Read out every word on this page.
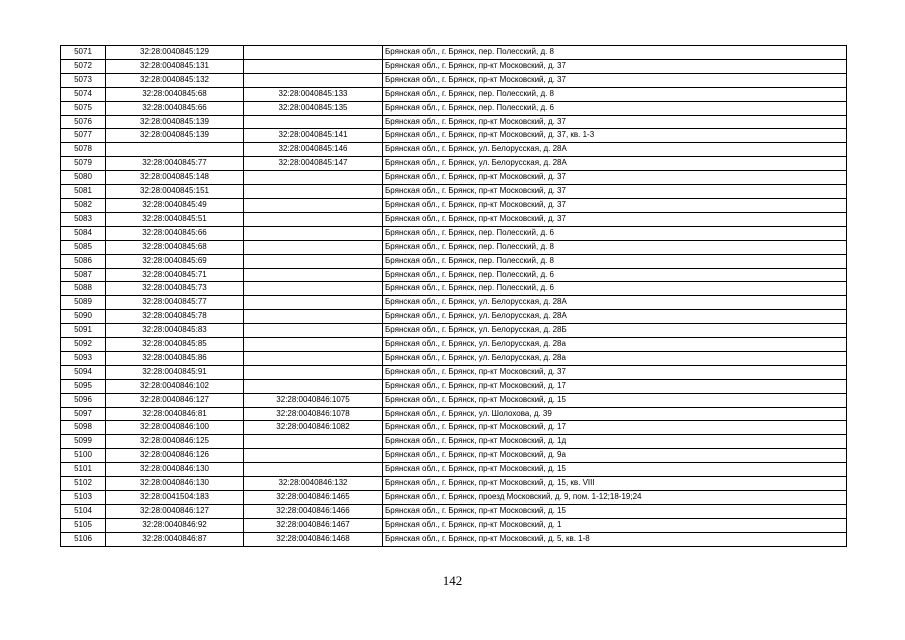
5071	32:28:0040845:129		Брянская обл., г. Брянск, пер. Полесский, д. 8
5072	32:28:0040845:131		Брянская обл., г. Брянск, пр-кт Московский, д. 37
5073	32:28:0040845:132		Брянская обл., г. Брянск, пр-кт Московский, д. 37
5074	32:28:0040845:68	32:28:0040845:133	Брянская обл., г. Брянск, пер. Полесский, д. 8
5075	32:28:0040845:66	32:28:0040845:135	Брянская обл., г. Брянск, пер. Полесский, д. 6
5076	32:28:0040845:139		Брянская обл., г. Брянск, пр-кт Московский, д. 37
5077	32:28:0040845:139	32:28:0040845:141	Брянская обл., г. Брянск, пр-кт Московский, д. 37, кв. 1-3
5078		32:28:0040845:146	Брянская обл., г. Брянск, ул. Белорусская, д. 28А
5079	32:28:0040845:77	32:28:0040845:147	Брянская обл., г. Брянск, ул. Белорусская, д. 28А
5080	32:28:0040845:148		Брянская обл., г. Брянск, пр-кт Московский, д. 37
5081	32:28:0040845:151		Брянская обл., г. Брянск, пр-кт Московский, д. 37
5082	32:28:0040845:49		Брянская обл., г. Брянск, пр-кт Московский, д. 37
5083	32:28:0040845:51		Брянская обл., г. Брянск, пр-кт Московский, д. 37
5084	32:28:0040845:66		Брянская обл., г. Брянск, пер. Полесский, д. 6
5085	32:28:0040845:68		Брянская обл., г. Брянск, пер. Полесский, д. 8
5086	32:28:0040845:69		Брянская обл., г. Брянск, пер. Полесский, д. 8
5087	32:28:0040845:71		Брянская обл., г. Брянск, пер. Полесский, д. 6
5088	32:28:0040845:73		Брянская обл., г. Брянск, пер. Полесский, д. 6
5089	32:28:0040845:77		Брянская обл., г. Брянск, ул. Белорусская, д. 28А
5090	32:28:0040845:78		Брянская обл., г. Брянск, ул. Белорусская, д. 28А
5091	32:28:0040845:83		Брянская обл., г. Брянск, ул. Белорусская, д. 28Б
5092	32:28:0040845:85		Брянская обл., г. Брянск, ул. Белорусская, д. 28а
5093	32:28:0040845:86		Брянская обл., г. Брянск, ул. Белорусская, д. 28а
5094	32:28:0040845:91		Брянская обл., г. Брянск, пр-кт Московский, д. 37
5095	32:28:0040846:102		Брянская обл., г. Брянск, пр-кт Московский, д. 17
5096	32:28:0040846:127	32:28:0040846:1075	Брянская обл., г. Брянск, пр-кт Московский, д. 15
5097	32:28:0040846:81	32:28:0040846:1078	Брянская обл., г. Брянск, ул. Шолохова, д. 39
5098	32:28:0040846:100	32:28:0040846:1082	Брянская обл., г. Брянск, пр-кт Московский, д. 17
5099	32:28:0040846:125		Брянская обл., г. Брянск, пр-кт Московский, д. 1д
5100	32:28:0040846:126		Брянская обл., г. Брянск, пр-кт Московский, д. 9а
5101	32:28:0040846:130		Брянская обл., г. Брянск, пр-кт Московский, д. 15
5102	32:28:0040846:130	32:28:0040846:132	Брянская обл., г. Брянск, пр-кт Московский, д. 15, кв. VIII
5103	32:28:0041504:183	32:28:0040846:1465	Брянская обл., г. Брянск, проезд Московский, д. 9, пом. 1-12;18-19;24
5104	32:28:0040846:127	32:28:0040846:1466	Брянская обл., г. Брянск, пр-кт Московский, д. 15
5105	32:28:0040846:92	32:28:0040846:1467	Брянская обл., г. Брянск, пр-кт Московский, д. 1
5106	32:28:0040846:87	32:28:0040846:1468	Брянская обл., г. Брянск, пр-кт Московский, д. 5, кв. 1-8
142
